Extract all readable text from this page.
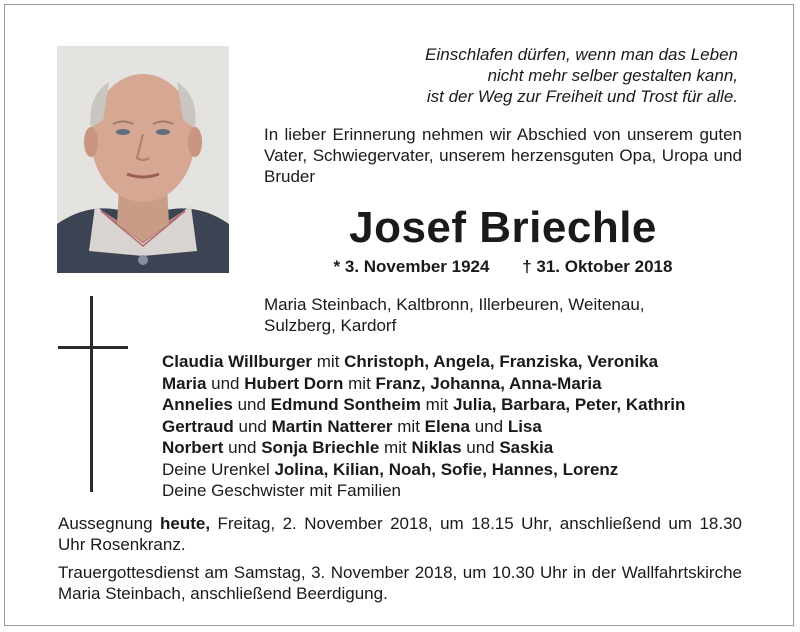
Einschlafen dürfen, wenn man das Leben
nicht mehr selber gestalten kann,
ist der Weg zur Freiheit und Trost für alle.
In lieber Erinnerung nehmen wir Abschied von unserem guten Vater, Schwiegervater, unserem herzensguten Opa, Uropa und Bruder
Josef Briechle
* 3. November 1924 † 31. Oktober 2018
Maria Steinbach, Kaltbronn, Illerbeuren, Weitenau, Sulzberg, Kardorf
Claudia Willburger mit Christoph, Angela, Franziska, Veronika
Maria und Hubert Dorn mit Franz, Johanna, Anna-Maria
Annelies und Edmund Sontheim mit Julia, Barbara, Peter, Kathrin
Gertraud und Martin Natterer mit Elena und Lisa
Norbert und Sonja Briechle mit Niklas und Saskia
Deine Urenkel Jolina, Kilian, Noah, Sofie, Hannes, Lorenz
Deine Geschwister mit Familien

Aussegnung heute, Freitag, 2. November 2018, um 18.15 Uhr, anschließend um 18.30 Uhr Rosenkranz.

Trauergottesdienst am Samstag, 3. November 2018, um 10.30 Uhr in der Wallfahrtskirche Maria Steinbach, anschließend Beerdigung.
